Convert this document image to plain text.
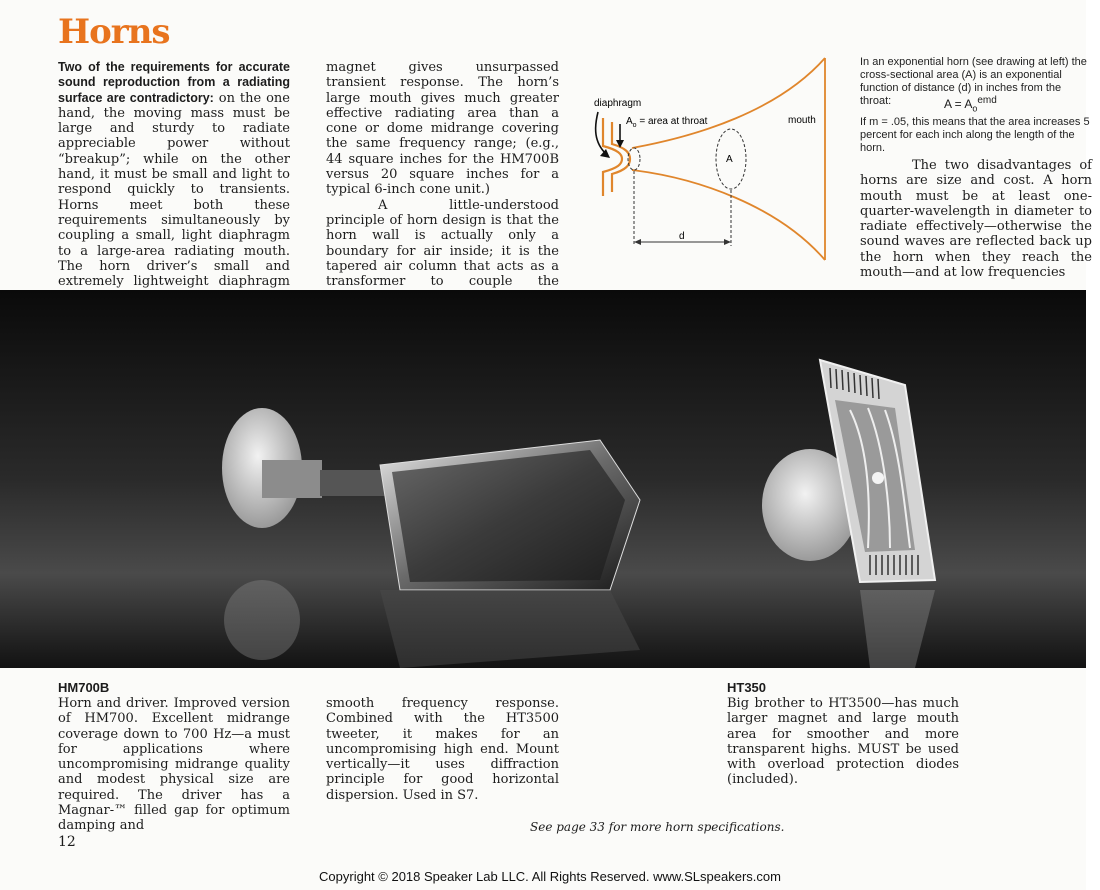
Horns

Two of the requirements for accurate sound reproduction from a radiating surface are contradictory: on the one hand, the moving mass must be large and sturdy to radiate appreciable power without “breakup”; while on the other hand, it must be small and light to respond quickly to transients. Horns meet both these requirements simultaneously by coupling a small, light diaphragm to a large-area radiating mouth. The horn driver’s small and extremely lightweight diaphragm

magnet gives unsurpassed transient response. The horn’s large mouth gives much greater effective radiating area than a cone or dome midrange covering the same frequency range; (e.g., 44 square inches for the HM700B versus 20 square inches for a typical 6-inch cone unit.)

A little-understood principle of horn design is that the horn wall is actually only a boundary for air inside; it is the tapered air column that acts as a transformer to couple the

diaphragm
$A_o$ = area at throat	mouth
A
d
In an exponential horn (see drawing at left) the cross-sectional area (A) is an exponential function of distance (d) in inches from the throat:	$A = A_o^{emd}$
If m = .05, this means that the area increases 5 percent for each inch along the length of the horn.

The two disadvantages of horns are size and cost. A horn mouth must be at least one-quarter-wavelength in diameter to radiate effectively—otherwise the sound waves are reflected back up the horn when they reach the mouth—and at low frequencies

HM700B
Horn and driver. Improved version of HM700. Excellent midrange coverage down to 700 Hz—a must for applications where uncompromising midrange quality and modest physical size are required. The driver has a Magnar-™ filled gap for optimum damping and
smooth frequency response. Combined with the HT3500 tweeter, it makes for an uncompromising high end. Mount vertically—it uses diffraction principle for good horizontal dispersion. Used in S7.
HT350
Big brother to HT3500—has much larger magnet and large mouth area for smoother and more transparent highs. MUST be used with overload protection diodes (included).
See page 33 for more horn specifications.
12
Copyright © 2018 Speaker Lab LLC. All Rights Reserved. www.SLspeakers.com
